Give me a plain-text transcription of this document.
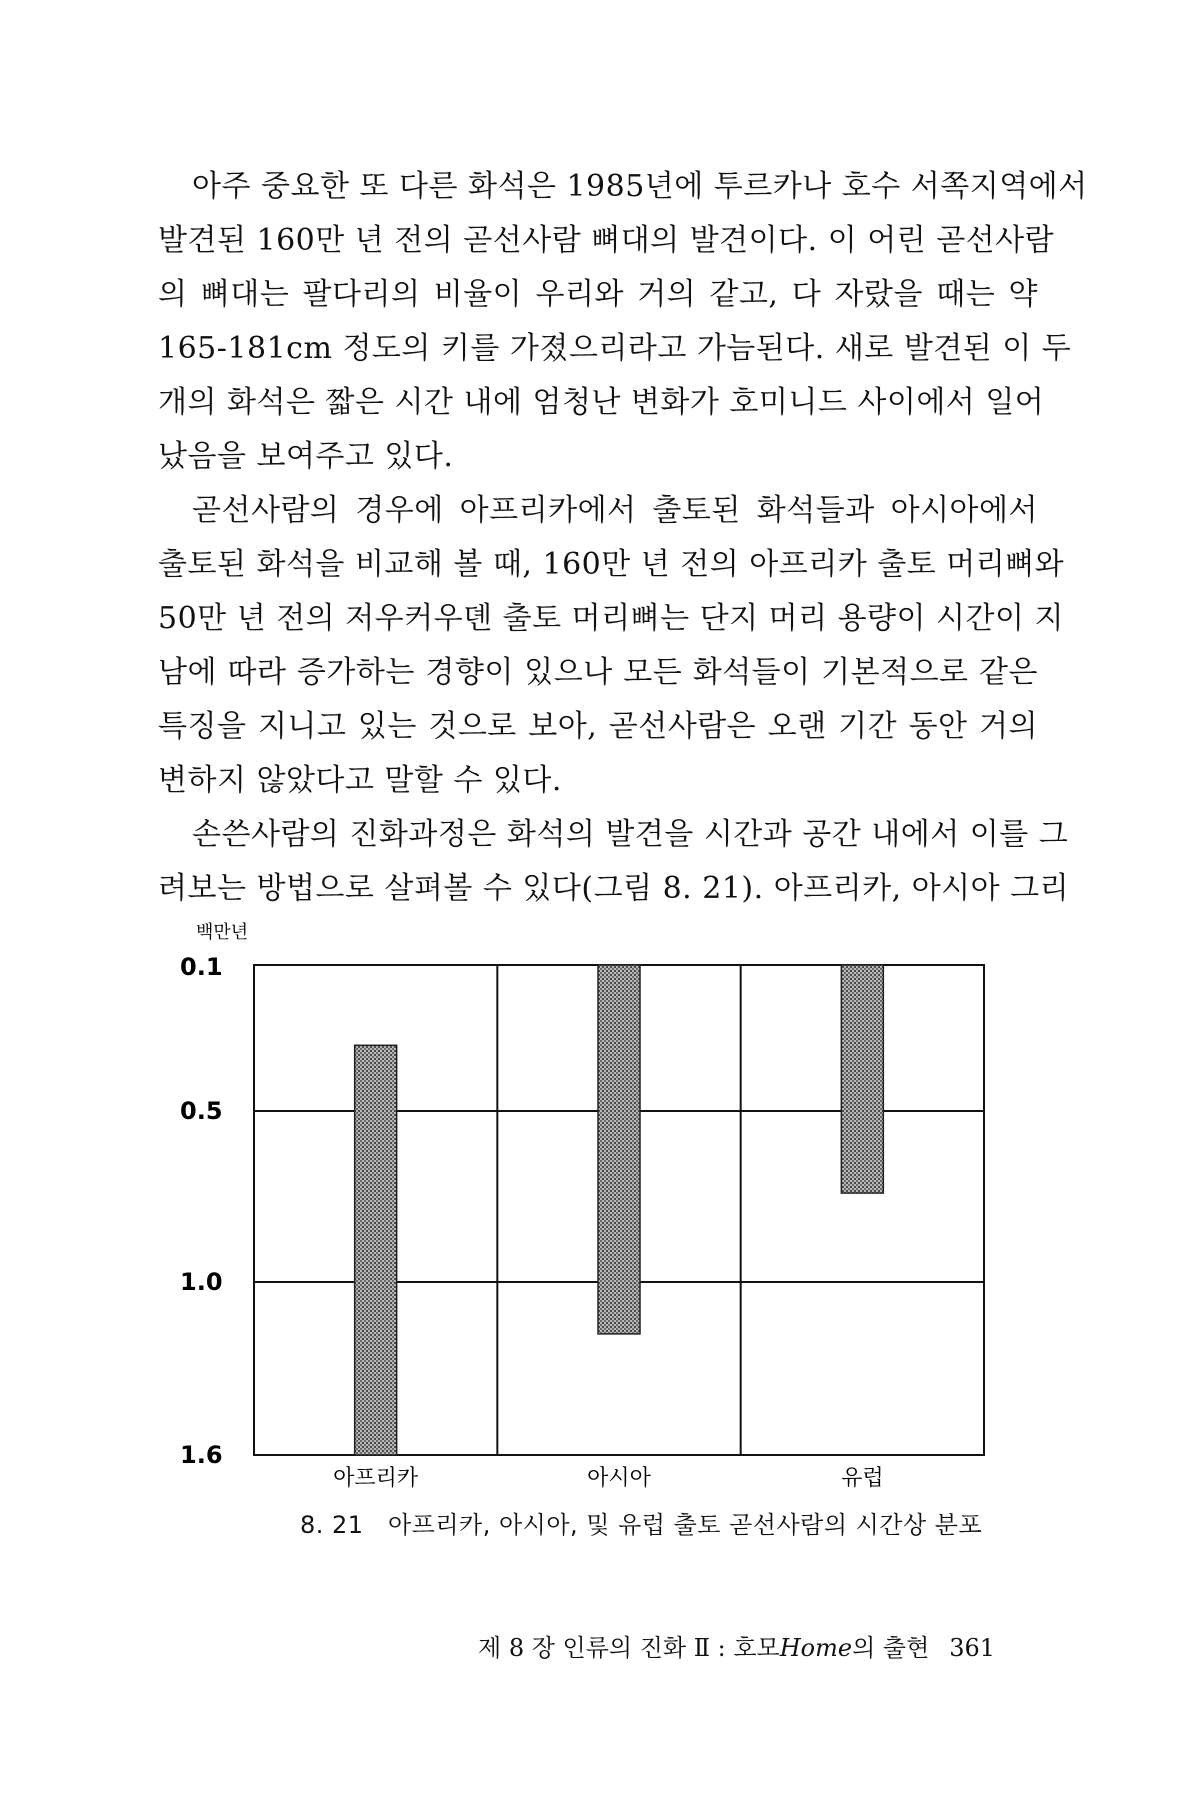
아주 중요한 또 다른 화석은 1985년에 투르카나 호수 서쪽지역에서
발견된 160만 년 전의 곧선사람 뼈대의 발견이다. 이 어린 곧선사람
의 뼈대는 팔다리의 비율이 우리와 거의 같고, 다 자랐을 때는 약
165-181cm 정도의 키를 가졌으리라고 가늠된다. 새로 발견된 이 두
개의 화석은 짧은 시간 내에 엄청난 변화가 호미니드 사이에서 일어
났음을 보여주고 있다.

곧선사람의 경우에 아프리카에서 출토된 화석들과 아시아에서
출토된 화석을 비교해 볼 때, 160만 년 전의 아프리카 출토 머리뼈와
50만 년 전의 저우커우뎬 출토 머리뼈는 단지 머리 용량이 시간이 지
남에 따라 증가하는 경향이 있으나 모든 화석들이 기본적으로 같은
특징을 지니고 있는 것으로 보아, 곧선사람은 오랜 기간 동안 거의
변하지 않았다고 말할 수 있다.

손쓴사람의 진화과정은 화석의 발견을 시간과 공간 내에서 이를 그
려보는 방법으로 살펴볼 수 있다(그림 8. 21). 아프리카, 아시아 그리

백만년
0.1
0.5
1.0
1.6
아프리카	아시아	유럽
8. 21 아프리카, 아시아, 및 유럽 출토 곧선사람의 시간상 분포
제 8 장 인류의 진화 Ⅱ : 호모Home의 출현 361
